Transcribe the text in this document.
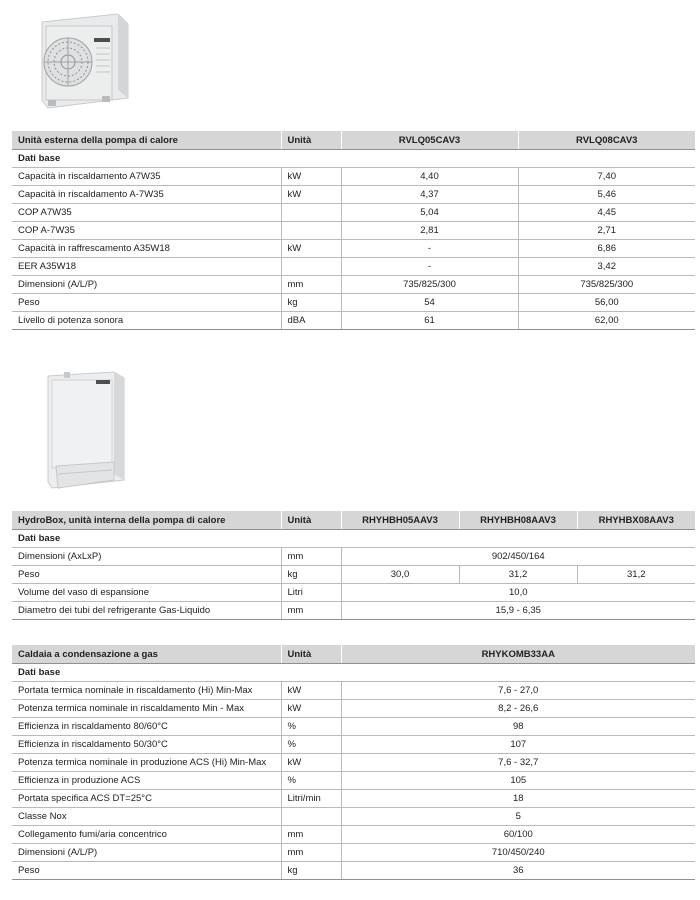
Unità esterna della pompa di calore	Unità	RVLQ05CAV3	RVLQ08CAV3
Dati base			
Capacità in riscaldamento A7W35	kW	4,40	7,40
Capacità in riscaldamento A-7W35	kW	4,37	5,46
COP A7W35		5,04	4,45
COP A-7W35		2,81	2,71
Capacità in raffrescamento A35W18	kW	-	6,86
EER A35W18		-	3,42
Dimensioni (A/L/P)	mm	735/825/300	735/825/300
Peso	kg	54	56,00
Livello di potenza sonora	dBA	61	62,00
HydroBox, unità interna della pompa di calore	Unità	RHYHBH05AAV3	RHYHBH08AAV3	RHYHBX08AAV3
Dati base				
Dimensioni (AxLxP)	mm	902/450/164		
Peso	kg	30,0	31,2	31,2
Volume del vaso di espansione	Litri	10,0		
Diametro dei tubi del refrigerante Gas-Liquido	mm	15,9 - 6,35		
Caldaia a condensazione a gas	Unità	RHYKOMB33AA
Dati base		
Portata termica nominale in riscaldamento (Hi) Min-Max	kW	7,6 - 27,0
Potenza termica nominale in riscaldamento Min - Max	kW	8,2 - 26,6
Efficienza in riscaldamento 80/60°C	%	98
Efficienza in riscaldamento 50/30°C	%	107
Potenza termica nominale in produzione ACS (Hi) Min-Max	kW	7,6 - 32,7
Efficienza in produzione ACS	%	105
Portata specifica ACS DT=25°C	Litri/min	18
Classe Nox		5
Collegamento fumi/aria concentrico	mm	60/100
Dimensioni (A/L/P)	mm	710/450/240
Peso	kg	36
